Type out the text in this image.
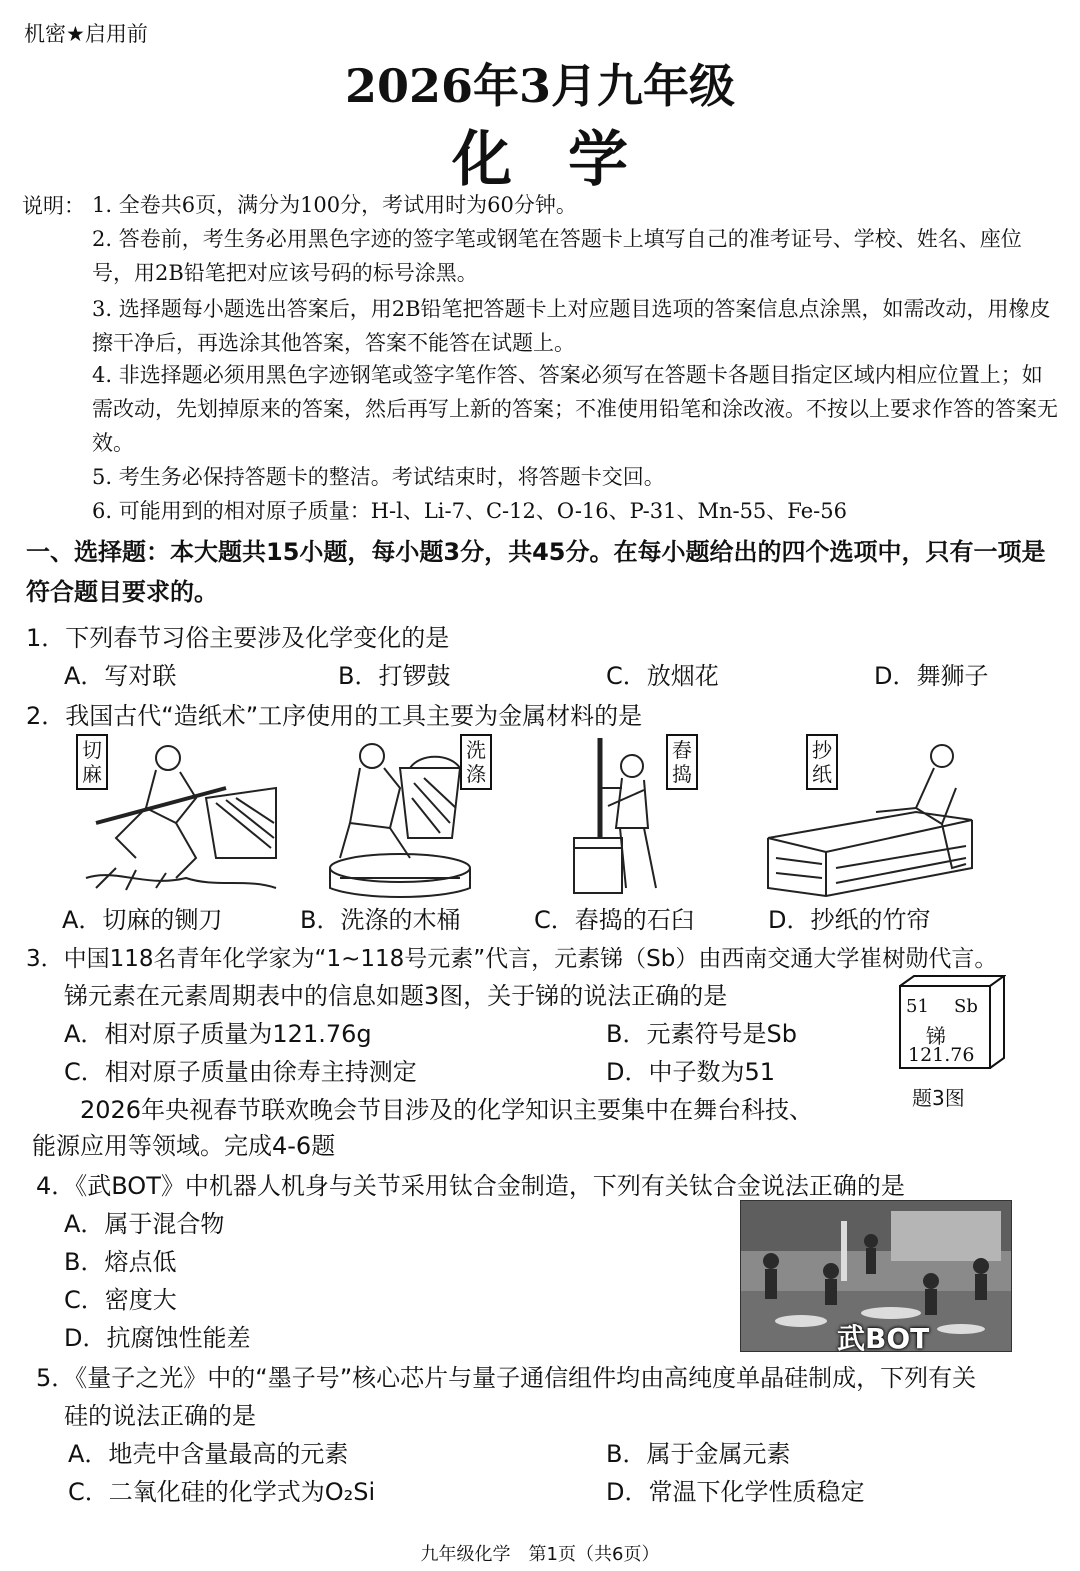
机密★启用前
2026年3月九年级
化学
说明： 1. 全卷共6页，满分为100分，考试用时为60分钟。
2. 答卷前，考生务必用黑色字迹的签字笔或钢笔在答题卡上填写自己的准考证号、学校、姓名、座位号，用2B铅笔把对应该号码的标号涂黑。
3. 选择题每小题选出答案后，用2B铅笔把答题卡上对应题目选项的答案信息点涂黑，如需改动，用橡皮擦干净后，再选涂其他答案，答案不能答在试题上。
4. 非选择题必须用黑色字迹钢笔或签字笔作答、答案必须写在答题卡各题目指定区域内相应位置上；如需改动，先划掉原来的答案，然后再写上新的答案；不准使用铅笔和涂改液。不按以上要求作答的答案无效。
5. 考生务必保持答题卡的整洁。考试结束时，将答题卡交回。
6. 可能用到的相对原子质量：H-l、Li-7、C-12、O-16、P-31、Mn-55、Fe-56
一、选择题：本大题共15小题，每小题3分，共45分。在每小题给出的四个选项中，只有一项是符合题目要求的。
1．下列春节习俗主要涉及化学变化的是
A．写对联	B．打锣鼓	C．放烟花	D．舞狮子
2．我国古代“造纸术”工序使用的工具主要为金属材料的是
切麻
洗涤
舂捣
抄纸
A．切麻的铡刀	B．洗涤的木桶	C．舂捣的石臼	D．抄纸的竹帘
3．中国118名青年化学家为“1~118号元素”代言，元素锑（Sb）由西南交通大学崔树勋代言。
锑元素在元素周期表中的信息如题3图，关于锑的说法正确的是
A．相对原子质量为121.76g	B．元素符号是Sb
C．相对原子质量由徐寿主持测定	D．中子数为51
51 Sb
锑
121.76
题3图
2026年央视春节联欢晚会节目涉及的化学知识主要集中在舞台科技、
能源应用等领域。完成4-6题
4．《武BOT》中机器人机身与关节采用钛合金制造，下列有关钛合金说法正确的是
A．属于混合物
B．熔点低
C．密度大
D．抗腐蚀性能差	武BOT
5．《量子之光》中的“墨子号”核心芯片与量子通信组件均由高纯度单晶硅制成，下列有关
硅的说法正确的是
A．地壳中含量最高的元素	B．属于金属元素
C．二氧化硅的化学式为O₂Si	D．常温下化学性质稳定
九年级化学　第1页（共6页）
